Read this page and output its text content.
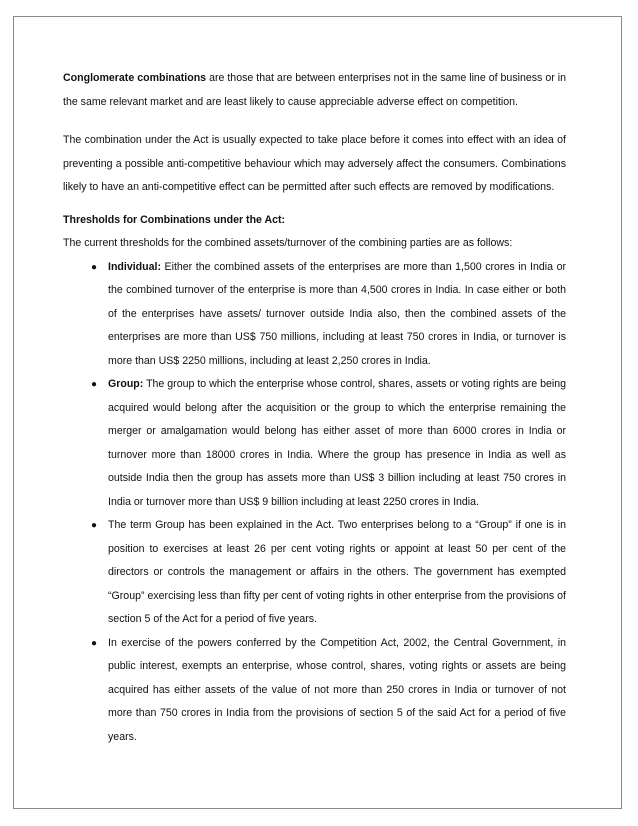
Conglomerate combinations are those that are between enterprises not in the same line of business or in the same relevant market and are least likely to cause appreciable adverse effect on competition.

The combination under the Act is usually expected to take place before it comes into effect with an idea of preventing a possible anti-competitive behaviour which may adversely affect the consumers. Combinations likely to have an anti-competitive effect can be permitted after such effects are removed by modifications.

Thresholds for Combinations under the Act:

The current thresholds for the combined assets/turnover of the combining parties are as follows:

● Individual: Either the combined assets of the enterprises are more than 1,500 crores in India or the combined turnover of the enterprise is more than 4,500 crores in India. In case either or both of the enterprises have assets/ turnover outside India also, then the combined assets of the enterprises are more than US$ 750 millions, including at least 750 crores in India, or turnover is more than US$ 2250 millions, including at least 2,250 crores in India.
● Group: The group to which the enterprise whose control, shares, assets or voting rights are being acquired would belong after the acquisition or the group to which the enterprise remaining the merger or amalgamation would belong has either asset of more than 6000 crores in India or turnover more than 18000 crores in India. Where the group has presence in India as well as outside India then the group has assets more than US$ 3 billion including at least 750 crores in India or turnover more than US$ 9 billion including at least 2250 crores in India.
● The term Group has been explained in the Act. Two enterprises belong to a “Group” if one is in position to exercises at least 26 per cent voting rights or appoint at least 50 per cent of the directors or controls the management or affairs in the others. The government has exempted “Group” exercising less than fifty per cent of voting rights in other enterprise from the provisions of section 5 of the Act for a period of five years.
● In exercise of the powers conferred by the Competition Act, 2002, the Central Government, in public interest, exempts an enterprise, whose control, shares, voting rights or assets are being acquired has either assets of the value of not more than 250 crores in India or turnover of not more than 750 crores in India from the provisions of section 5 of the said Act for a period of five years.
